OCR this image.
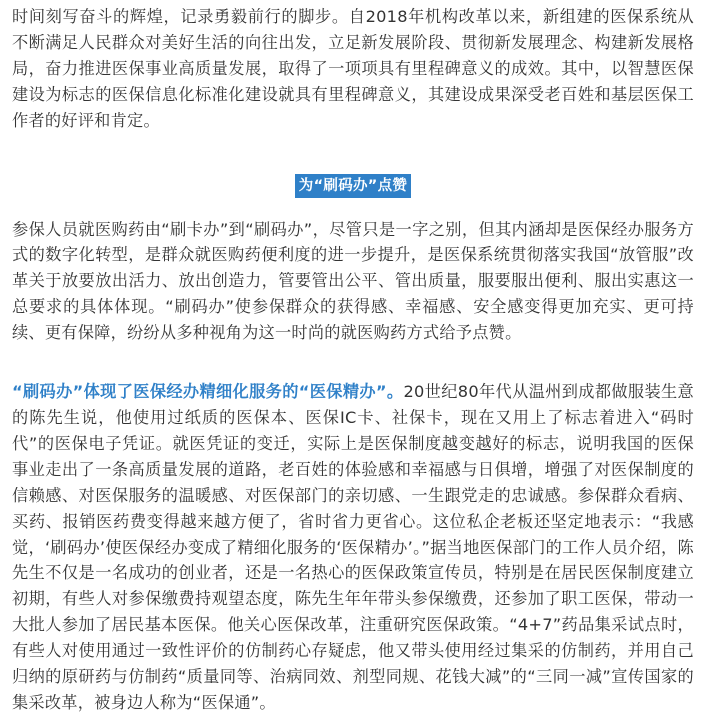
时间刻写奋斗的辉煌，记录勇毅前行的脚步。自2018年机构改革以来，新组建的医保系统从不断满足人民群众对美好生活的向往出发，立足新发展阶段、贯彻新发展理念、构建新发展格局，奋力推进医保事业高质量发展，取得了一项项具有里程碑意义的成效。其中，以智慧医保建设为标志的医保信息化标准化建设就具有里程碑意义，其建设成果深受老百姓和基层医保工作者的好评和肯定。

为“刷码办”点赞

参保人员就医购药由“刷卡办”到“刷码办”，尽管只是一字之别，但其内涵却是医保经办服务方式的数字化转型，是群众就医购药便利度的进一步提升，是医保系统贯彻落实我国“放管服”改革关于放要放出活力、放出创造力，管要管出公平、管出质量，服要服出便利、服出实惠这一总要求的具体体现。“刷码办”使参保群众的获得感、幸福感、安全感变得更加充实、更可持续、更有保障，纷纷从多种视角为这一时尚的就医购药方式给予点赞。

“刷码办”体现了医保经办精细化服务的“医保精办”。20世纪80年代从温州到成都做服装生意的陈先生说，他使用过纸质的医保本、医保IC卡、社保卡，现在又用上了标志着进入“码时代”的医保电子凭证。就医凭证的变迁，实际上是医保制度越变越好的标志，说明我国的医保事业走出了一条高质量发展的道路，老百姓的体验感和幸福感与日俱增，增强了对医保制度的信赖感、对医保服务的温暖感、对医保部门的亲切感、一生跟党走的忠诚感。参保群众看病、买药、报销医药费变得越来越方便了，省时省力更省心。这位私企老板还坚定地表示：“我感觉，‘刷码办’使医保经办变成了精细化服务的‘医保精办’。”据当地医保部门的工作人员介绍，陈先生不仅是一名成功的创业者，还是一名热心的医保政策宣传员，特别是在居民医保制度建立初期，有些人对参保缴费持观望态度，陈先生年年带头参保缴费，还参加了职工医保，带动一大批人参加了居民基本医保。他关心医保改革，注重研究医保政策。“4+7”药品集采试点时，有些人对使用通过一致性评价的仿制药心存疑虑，他又带头使用经过集采的仿制药，并用自己归纳的原研药与仿制药“质量同等、治病同效、剂型同规、花钱大减”的“三同一减”宣传国家的集采改革，被身边人称为“医保通”。
